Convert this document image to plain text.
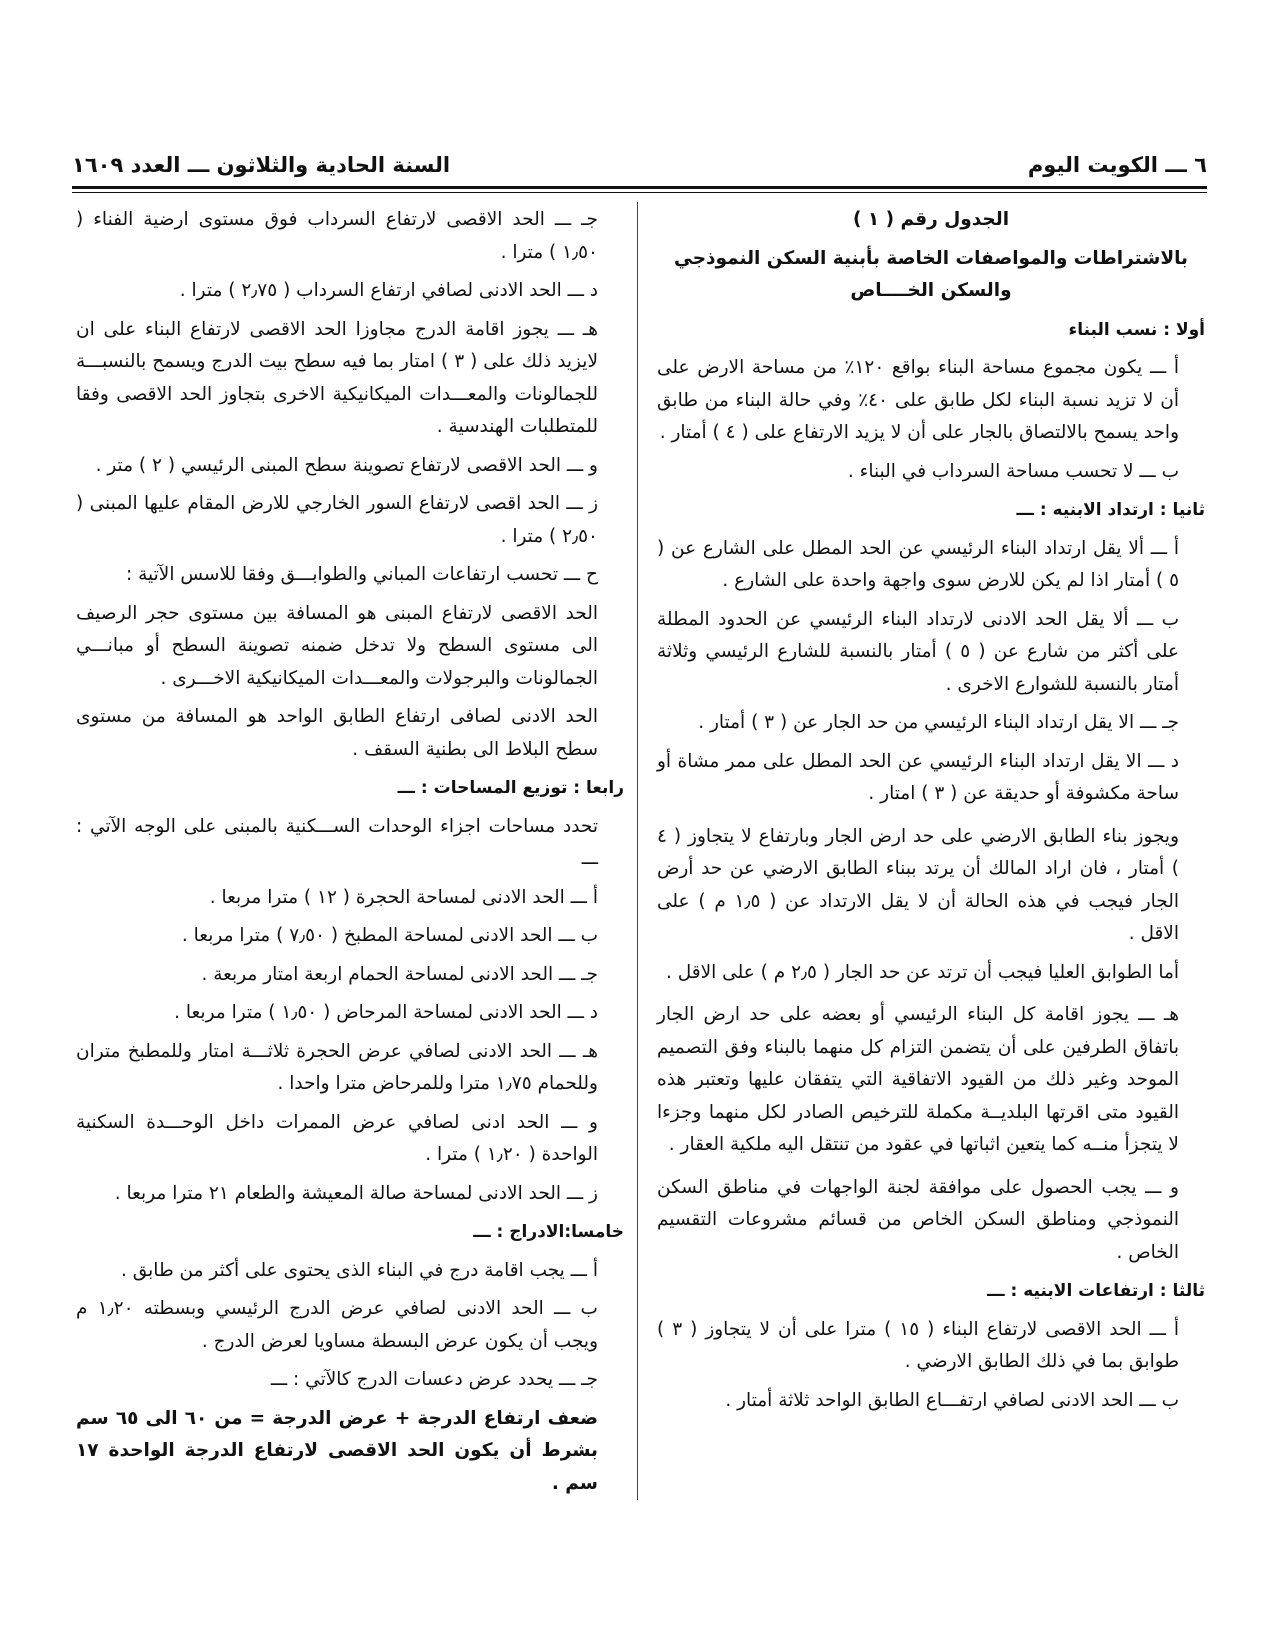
٦ ـــ الكويت اليوم
السنة الحادية والثلاثون ـــ العدد ١٦٠٩

الجدول رقم ( ١ )

بالاشتراطات والمواصفات الخاصة بأبنية السكن النموذجي والسكن الخــــاص

أولا : نسب البناء

أ ـــ يكون مجموع مساحة البناء بواقع ١٢٠٪ من مساحة الارض على أن لا تزيد نسبة البناء لكل طابق على ٤٠٪ وفي حالة البناء من طابق واحد يسمح بالالتصاق بالجار على أن لا يزيد الارتفاع على ( ٤ ) أمتار .

ب ـــ لا تحسب مساحة السرداب في البناء .

ثانيا : ارتداد الابنيه : ـــ

أ ـــ ألا يقل ارتداد البناء الرئيسي عن الحد المطل على الشارع عن ( ٥ ) أمتار اذا لم يكن للارض سوى واجهة واحدة على الشارع .

ب ـــ ألا يقل الحد الادنى لارتداد البناء الرئيسي عن الحدود المطلة على أكثر من شارع عن ( ٥ ) أمتار بالنسبة للشارع الرئيسي وثلاثة أمتار بالنسبة للشوارع الاخرى .

جـ ـــ الا يقل ارتداد البناء الرئيسي من حد الجار عن ( ٣ ) أمتار .

د ـــ الا يقل ارتداد البناء الرئيسي عن الحد المطل على ممر مشاة أو ساحة مكشوفة أو حديقة عن ( ٣ ) امتار .

ويجوز بناء الطابق الارضي على حد ارض الجار وبارتفاع لا يتجاوز ( ٤ ) أمتار ، فان اراد المالك أن يرتد ببناء الطابق الارضي عن حد أرض الجار فيجب في هذه الحالة أن لا يقل الارتداد عن ( ١٫٥ م ) على الاقل .

أما الطوابق العليا فيجب أن ترتد عن حد الجار ( ٢٫٥ م ) على الاقل .

هـ ـــ يجوز اقامة كل البناء الرئيسي أو بعضه على حد ارض الجار باتفاق الطرفين على أن يتضمن التزام كل منهما بالبناء وفق التصميم الموحد وغير ذلك من القيود الاتفاقية التي يتفقان عليها وتعتبر هذه القيود متى اقرتها البلديــة مكملة للترخيص الصادر لكل منهما وجزءا لا يتجزأ منــه كما يتعين اثباتها في عقود من تنتقل اليه ملكية العقار .

و ـــ يجب الحصول على موافقة لجنة الواجهات في مناطق السكن النموذجي ومناطق السكن الخاص من قسائم مشروعات التقسيم الخاص .

ثالثا : ارتفاعات الابنيه : ـــ

أ ـــ الحد الاقصى لارتفاع البناء ( ١٥ ) مترا على أن لا يتجاوز ( ٣ ) طوابق بما في ذلك الطابق الارضي .

ب ـــ الحد الادنى لصافي ارتفـــاع الطابق الواحد ثلاثة أمتار .

جـ ـــ الحد الاقصى لارتفاع السرداب فوق مستوى ارضية الفناء ( ١٫٥٠ ) مترا .

د ـــ الحد الادنى لصافي ارتفاع السرداب ( ٢٫٧٥ ) مترا .

هـ ـــ يجوز اقامة الدرج مجاوزا الحد الاقصى لارتفاع البناء على ان لايزيد ذلك على ( ٣ ) امتار بما فيه سطح بيت الدرج ويسمح بالنسبـــة للجمالونات والمعـــدات الميكانيكية الاخرى بتجاوز الحد الاقصى وفقا للمتطلبات الهندسية .

و ـــ الحد الاقصى لارتفاع تصوينة سطح المبنى الرئيسي ( ٢ ) متر .

ز ـــ الحد اقصى لارتفاع السور الخارجي للارض المقام عليها المبنى ( ٢٫٥٠ ) مترا .

ح ـــ تحسب ارتفاعات المباني والطوابـــق وفقا للاسس الآتية :

الحد الاقصى لارتفاع المبنى هو المسافة بين مستوى حجر الرصيف الى مستوى السطح ولا تدخل ضمنه تصوينة السطح أو مبانـــي الجمالونات والبرجولات والمعـــدات الميكانيكية الاخـــرى .

الحد الادنى لصافى ارتفاع الطابق الواحد هو المسافة من مستوى سطح البلاط الى بطنية السقف .

رابعا : توزيع المساحات : ـــ

تحدد مساحات اجزاء الوحدات الســـكنية بالمبنى على الوجه الآتي : ـــ

أ ـــ الحد الادنى لمساحة الحجرة ( ١٢ ) مترا مربعا .

ب ـــ الحد الادنى لمساحة المطبخ ( ٧٫٥٠ ) مترا مربعا .

جـ ـــ الحد الادنى لمساحة الحمام اربعة امتار مربعة .

د ـــ الحد الادنى لمساحة المرحاض ( ١٫٥٠ ) مترا مربعا .

هـ ـــ الحد الادنى لصافي عرض الحجرة ثلاثـــة امتار وللمطبخ متران وللحمام ١٫٧٥ مترا وللمرحاض مترا واحدا .

و ـــ الحد ادنى لصافي عرض الممرات داخل الوحـــدة السكنية الواحدة ( ١٫٢٠ ) مترا .

ز ـــ الحد الادنى لمساحة صالة المعيشة والطعام ٢١ مترا مربعا .

خامسا:الادراج : ـــ

أ ـــ يجب اقامة درج في البناء الذى يحتوى على أكثر من طابق .

ب ـــ الحد الادنى لصافي عرض الدرج الرئيسي وبسطته ١٫٢٠ م ويجب أن يكون عرض البسطة مساويا لعرض الدرج .

جـ ـــ يحدد عرض دعسات الدرج كالآتي : ـــ

ضعف ارتفاع الدرجة + عرض الدرجة = من ٦٠ الى ٦٥ سم بشرط أن يكون الحد الاقصى لارتفاع الدرجة الواحدة ١٧ سم .
